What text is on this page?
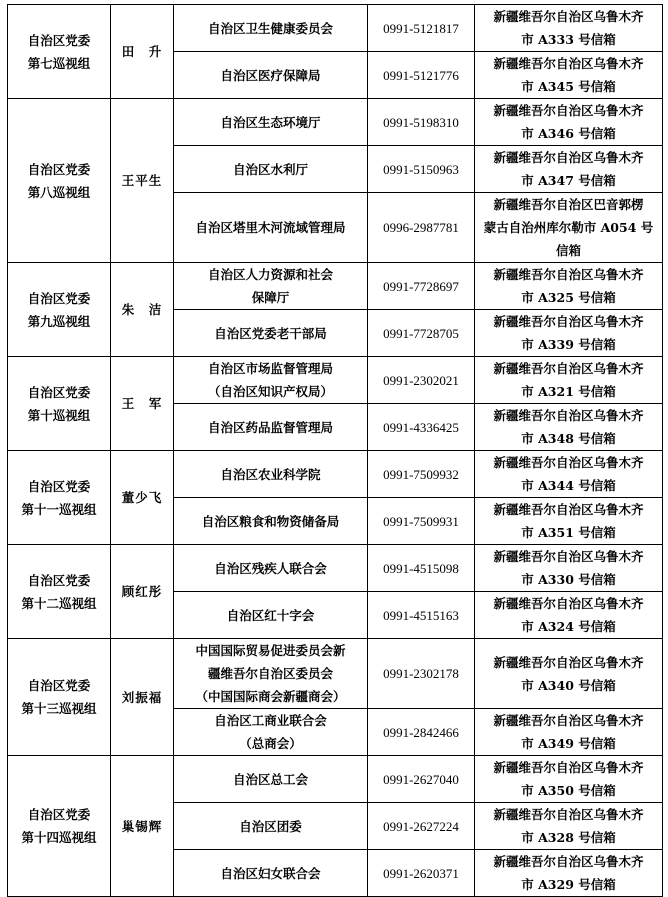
自治区党委
第七巡视组	田　升	自治区卫生健康委员会	0991-5121817	新疆维吾尔自治区乌鲁木齐
市 A333 号信箱
		自治区医疗保障局	0991-5121776	新疆维吾尔自治区乌鲁木齐
市 A345 号信箱
自治区党委
第八巡视组	王平生	自治区生态环境厅	0991-5198310	新疆维吾尔自治区乌鲁木齐
市 A346 号信箱
		自治区水利厅	0991-5150963	新疆维吾尔自治区乌鲁木齐
市 A347 号信箱
		自治区塔里木河流域管理局	0996-2987781	新疆维吾尔自治区巴音郭楞
蒙古自治州库尔勒市 A054 号
信箱
自治区党委
第九巡视组	朱　洁	自治区人力资源和社会
保障厅	0991-7728697	新疆维吾尔自治区乌鲁木齐
市 A325 号信箱
		自治区党委老干部局	0991-7728705	新疆维吾尔自治区乌鲁木齐
市 A339 号信箱
自治区党委
第十巡视组	王　军	自治区市场监督管理局
（自治区知识产权局）	0991-2302021	新疆维吾尔自治区乌鲁木齐
市 A321 号信箱
		自治区药品监督管理局	0991-4336425	新疆维吾尔自治区乌鲁木齐
市 A348 号信箱
自治区党委
第十一巡视组	董少飞	自治区农业科学院	0991-7509932	新疆维吾尔自治区乌鲁木齐
市 A344 号信箱
		自治区粮食和物资储备局	0991-7509931	新疆维吾尔自治区乌鲁木齐
市 A351 号信箱
自治区党委
第十二巡视组	顾红彤	自治区残疾人联合会	0991-4515098	新疆维吾尔自治区乌鲁木齐
市 A330 号信箱
		自治区红十字会	0991-4515163	新疆维吾尔自治区乌鲁木齐
市 A324 号信箱
自治区党委
第十三巡视组	刘振福	中国国际贸易促进委员会新
疆维吾尔自治区委员会
（中国国际商会新疆商会）	0991-2302178	新疆维吾尔自治区乌鲁木齐
市 A340 号信箱
		自治区工商业联合会
（总商会）	0991-2842466	新疆维吾尔自治区乌鲁木齐
市 A349 号信箱
自治区党委
第十四巡视组	巢锡辉	自治区总工会	0991-2627040	新疆维吾尔自治区乌鲁木齐
市 A350 号信箱
		自治区团委	0991-2627224	新疆维吾尔自治区乌鲁木齐
市 A328 号信箱
		自治区妇女联合会	0991-2620371	新疆维吾尔自治区乌鲁木齐
市 A329 号信箱
